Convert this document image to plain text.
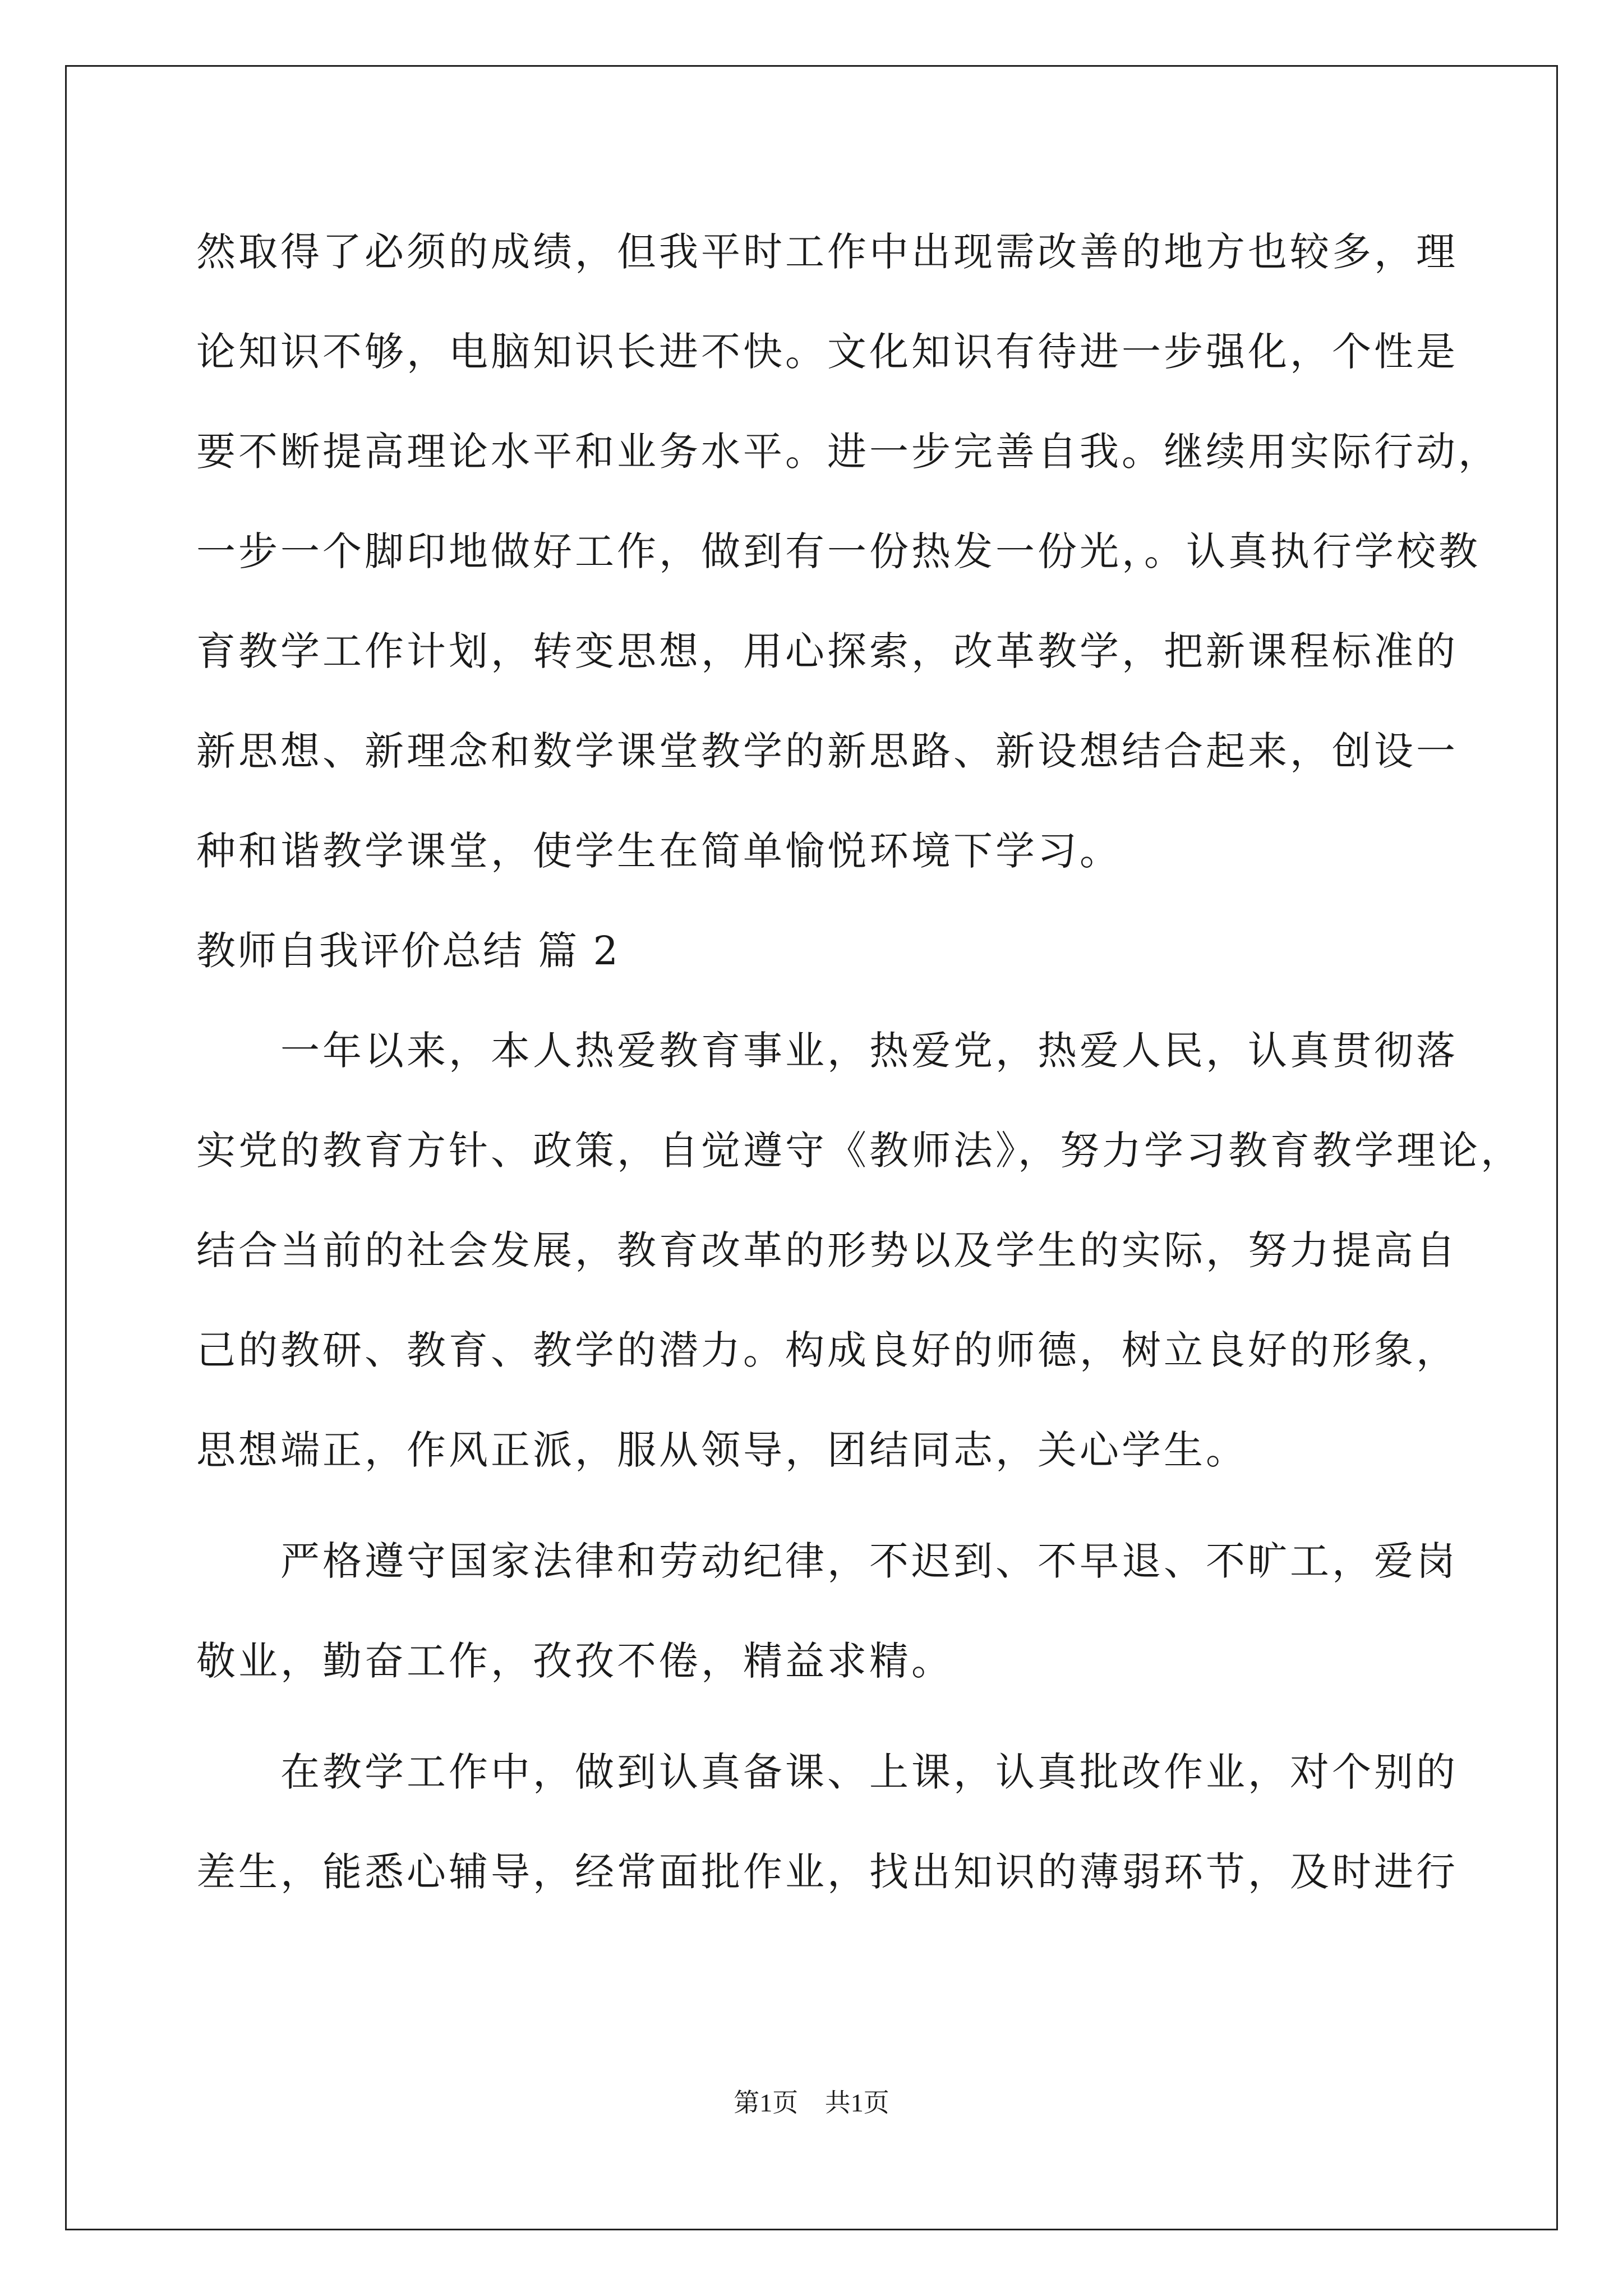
然取得了必须的成绩，但我平时工作中出现需改善的地方也较多，理
论知识不够，电脑知识长进不快。文化知识有待进一步强化，个性是
要不断提高理论水平和业务水平。进一步完善自我。继续用实际行动，
一步一个脚印地做好工作，做到有一份热发一份光，。认真执行学校教
育教学工作计划，转变思想，用心探索，改革教学，把新课程标准的
新思想、新理念和数学课堂教学的新思路、新设想结合起来，创设一
种和谐教学课堂，使学生在简单愉悦环境下学习。
教师自我评价总结 篇 2
一年以来，本人热爱教育事业，热爱党，热爱人民，认真贯彻落
实党的教育方针、政策，自觉遵守《教师法》，努力学习教育教学理论，
结合当前的社会发展，教育改革的形势以及学生的实际，努力提高自
己的教研、教育、教学的潜力。构成良好的师德，树立良好的形象，
思想端正，作风正派，服从领导，团结同志，关心学生。
严格遵守国家法律和劳动纪律，不迟到、不早退、不旷工，爱岗
敬业，勤奋工作，孜孜不倦，精益求精。
在教学工作中，做到认真备课、上课，认真批改作业，对个别的
差生，能悉心辅导，经常面批作业，找出知识的薄弱环节，及时进行
第1页 共1页
